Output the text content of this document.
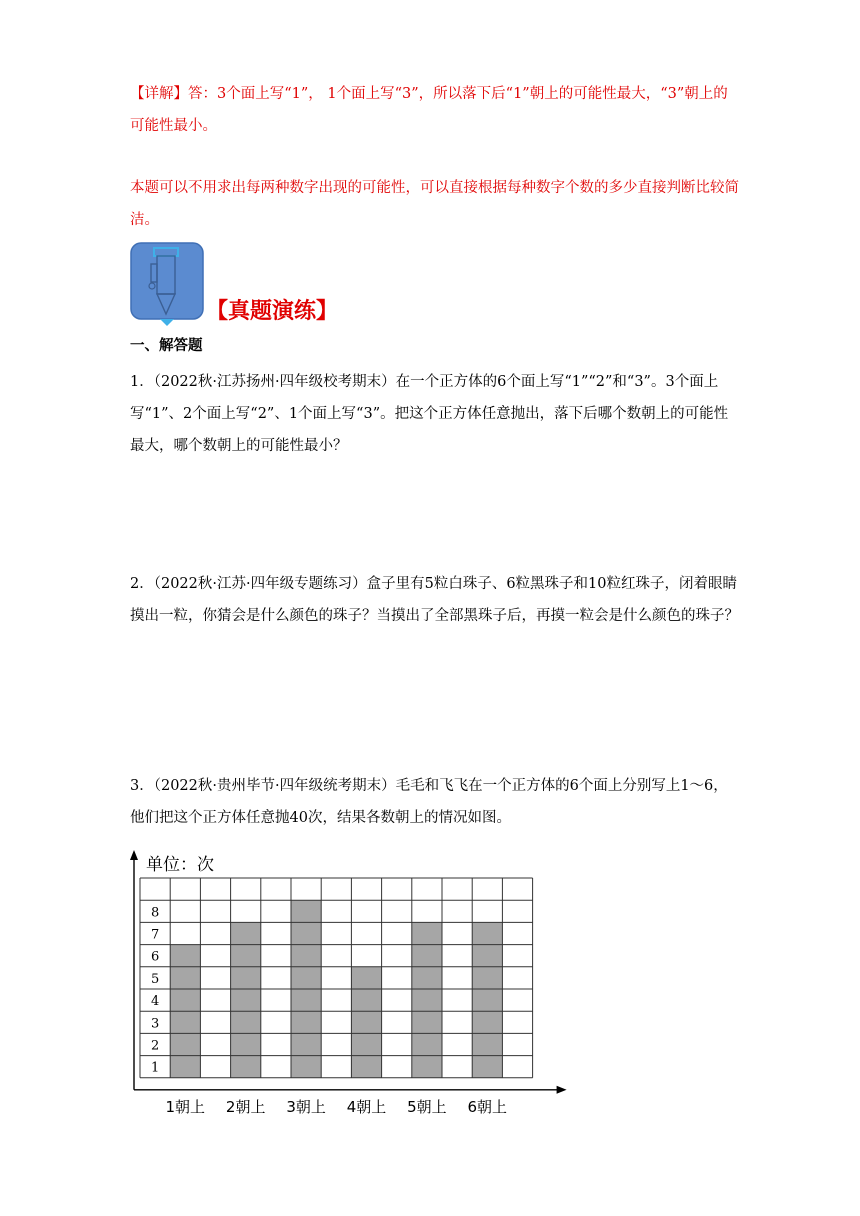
【详解】答：3个面上写“1”， 1个面上写“3”，所以落下后“1”朝上的可能性最大，“3”朝上的可能性最小。

本题可以不用求出每两种数字出现的可能性，可以直接根据每种数字个数的多少直接判断比较简洁。

【真题演练】
一、解答题

1．（2022秋·江苏扬州·四年级校考期末）在一个正方体的6个面上写“1”“2”和“3”。3个面上写“1”、2个面上写“2”、1个面上写“3”。把这个正方体任意抛出，落下后哪个数朝上的可能性最大，哪个数朝上的可能性最小？

2．（2022秋·江苏·四年级专题练习）盒子里有5粒白珠子、6粒黑珠子和10粒红珠子，闭着眼睛摸出一粒，你猜会是什么颜色的珠子？当摸出了全部黑珠子后，再摸一粒会是什么颜色的珠子？

3．（2022秋·贵州毕节·四年级统考期末）毛毛和飞飞在一个正方体的6个面上分别写上1～6，他们把这个正方体任意抛40次，结果各数朝上的情况如图。

单位：次
1
2
3
4
5
6
7
8
1朝上 2朝上 3朝上 4朝上 5朝上 6朝上
